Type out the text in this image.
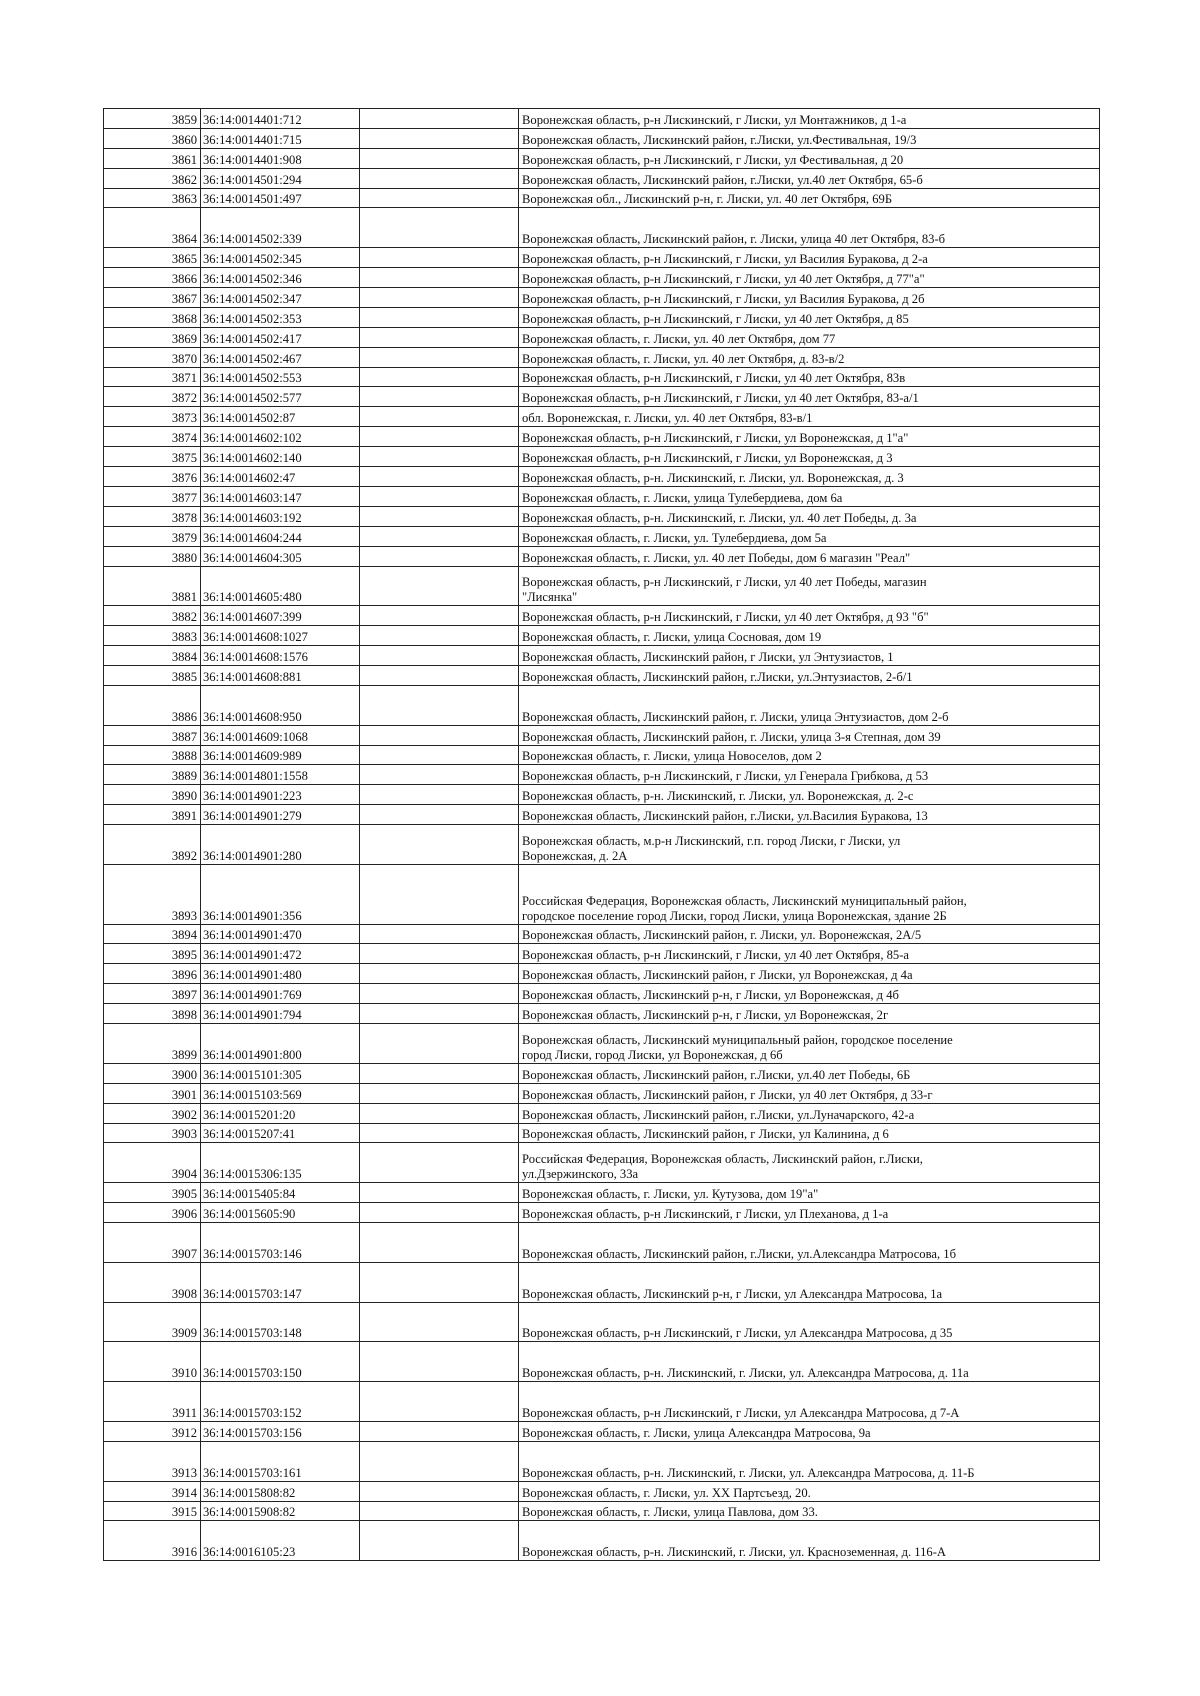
3859	36:14:0014401:712		Воронежская область, р-н Лискинский, г Лиски, ул Монтажников, д 1-а

3860	36:14:0014401:715		Воронежская область, Лискинский район, г.Лиски, ул.Фестивальная, 19/3

3861	36:14:0014401:908		Воронежская область, р-н Лискинский, г Лиски, ул Фестивальная, д 20

3862	36:14:0014501:294		Воронежская область, Лискинский район, г.Лиски, ул.40 лет Октября, 65-б

3863	36:14:0014501:497		Воронежская обл., Лискинский р-н, г. Лиски, ул. 40 лет Октября, 69Б

3864	36:14:0014502:339		Воронежская область, Лискинский район, г. Лиски, улица 40 лет Октября, 83-б

3865	36:14:0014502:345		Воронежская область, р-н Лискинский, г Лиски, ул Василия Буракова, д 2-а

3866	36:14:0014502:346		Воронежская область, р-н Лискинский, г Лиски, ул 40 лет Октября, д 77"а"

3867	36:14:0014502:347		Воронежская область, р-н Лискинский, г Лиски, ул Василия Буракова, д 2б

3868	36:14:0014502:353		Воронежская область, р-н Лискинский, г Лиски, ул 40 лет Октября, д 85

3869	36:14:0014502:417		Воронежская область, г. Лиски, ул. 40 лет Октября, дом 77

3870	36:14:0014502:467		Воронежская область, г. Лиски, ул. 40 лет Октября, д. 83-в/2

3871	36:14:0014502:553		Воронежская область, р-н Лискинский, г Лиски, ул 40 лет Октября, 83в

3872	36:14:0014502:577		Воронежская область, р-н Лискинский, г Лиски, ул 40 лет Октября, 83-а/1

3873	36:14:0014502:87		обл. Воронежская, г. Лиски, ул. 40 лет Октября, 83-в/1

3874	36:14:0014602:102		Воронежская область, р-н Лискинский, г Лиски, ул Воронежская, д 1"а"

3875	36:14:0014602:140		Воронежская область, р-н Лискинский, г Лиски, ул Воронежская, д 3

3876	36:14:0014602:47		Воронежская область, р-н. Лискинский, г. Лиски, ул. Воронежская, д. 3

3877	36:14:0014603:147		Воронежская область, г. Лиски, улица Тулебердиева, дом 6а

3878	36:14:0014603:192		Воронежская область, р-н. Лискинский, г. Лиски, ул. 40 лет Победы, д. 3а

3879	36:14:0014604:244		Воронежская область, г. Лиски, ул. Тулебердиева, дом 5а

3880	36:14:0014604:305		Воронежская область, г. Лиски, ул. 40 лет Победы, дом 6 магазин "Реал"

3881	36:14:0014605:480		Воронежская область, р-н Лискинский, г Лиски, ул 40 лет Победы, магазин
"Лисянка"

3882	36:14:0014607:399		Воронежская область, р-н Лискинский, г Лиски, ул 40 лет Октября, д 93 "б"

3883	36:14:0014608:1027		Воронежская область, г. Лиски, улица Сосновая, дом 19

3884	36:14:0014608:1576		Воронежская область, Лискинский район, г Лиски, ул Энтузиастов, 1

3885	36:14:0014608:881		Воронежская область, Лискинский район, г.Лиски, ул.Энтузиастов, 2-б/1

3886	36:14:0014608:950		Воронежская область, Лискинский район, г. Лиски, улица Энтузиастов, дом 2-б

3887	36:14:0014609:1068		Воронежская область, Лискинский район, г. Лиски, улица 3-я Степная, дом 39

3888	36:14:0014609:989		Воронежская область, г. Лиски, улица Новоселов, дом 2

3889	36:14:0014801:1558		Воронежская область, р-н Лискинский, г Лиски, ул Генерала Грибкова, д 53

3890	36:14:0014901:223		Воронежская область, р-н. Лискинский, г. Лиски, ул. Воронежская, д. 2-с

3891	36:14:0014901:279		Воронежская область, Лискинский район, г.Лиски, ул.Василия Буракова, 13

3892	36:14:0014901:280		Воронежская область, м.р-н Лискинский, г.п. город Лиски, г Лиски, ул
Воронежская, д. 2А

3893	36:14:0014901:356		Российская Федерация, Воронежская область, Лискинский муниципальный район,
городское поселение город Лиски, город Лиски, улица Воронежская, здание 2Б

3894	36:14:0014901:470		Воронежская область, Лискинский район, г. Лиски, ул. Воронежская, 2А/5

3895	36:14:0014901:472		Воронежская область, р-н Лискинский, г Лиски, ул 40 лет Октября, 85-а

3896	36:14:0014901:480		Воронежская область, Лискинский район, г Лиски, ул Воронежская, д 4а

3897	36:14:0014901:769		Воронежская область, Лискинский р-н, г Лиски, ул Воронежская, д 4б

3898	36:14:0014901:794		Воронежская область, Лискинский р-н, г Лиски, ул Воронежская, 2г

3899	36:14:0014901:800		Воронежская область, Лискинский муниципальный район, городское поселение
город Лиски, город Лиски, ул Воронежская, д 6б

3900	36:14:0015101:305		Воронежская область, Лискинский район, г.Лиски, ул.40 лет Победы, 6Б

3901	36:14:0015103:569		Воронежская область, Лискинский район, г Лиски, ул 40 лет Октября, д 33-г

3902	36:14:0015201:20		Воронежская область, Лискинский район, г.Лиски, ул.Луначарского, 42-а

3903	36:14:0015207:41		Воронежская область, Лискинский район, г Лиски, ул Калинина, д 6

3904	36:14:0015306:135		Российская Федерация, Воронежская область, Лискинский район, г.Лиски,
ул.Дзержинского, 33а

3905	36:14:0015405:84		Воронежская область, г. Лиски, ул. Кутузова, дом 19"а"

3906	36:14:0015605:90		Воронежская область, р-н Лискинский, г Лиски, ул Плеханова, д 1-а

3907	36:14:0015703:146		Воронежская область, Лискинский район, г.Лиски, ул.Александра Матросова, 1б

3908	36:14:0015703:147		Воронежская область, Лискинский р-н, г Лиски, ул Александра Матросова, 1а

3909	36:14:0015703:148		Воронежская область, р-н Лискинский, г Лиски, ул Александра Матросова, д 35

3910	36:14:0015703:150		Воронежская область, р-н. Лискинский, г. Лиски, ул. Александра Матросова, д. 11а

3911	36:14:0015703:152		Воронежская область, р-н Лискинский, г Лиски, ул Александра Матросова, д 7-А

3912	36:14:0015703:156		Воронежская область, г. Лиски, улица Александра Матросова, 9а

3913	36:14:0015703:161		Воронежская область, р-н. Лискинский, г. Лиски, ул. Александра Матросова, д. 11-Б

3914	36:14:0015808:82		Воронежская область, г. Лиски, ул. XX Партсъезд, 20.

3915	36:14:0015908:82		Воронежская область, г. Лиски, улица Павлова, дом 33.

3916	36:14:0016105:23		Воронежская область, р-н. Лискинский, г. Лиски, ул. Красноземенная, д. 116-А
